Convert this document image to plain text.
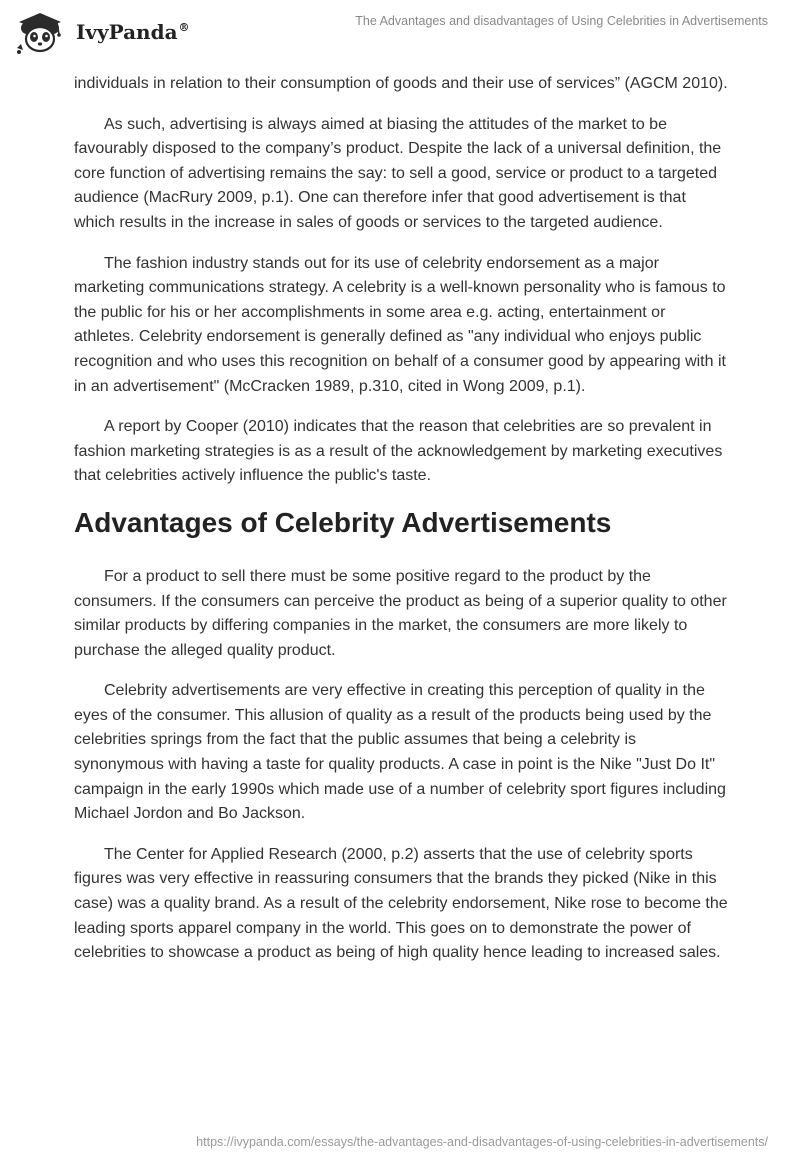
IvyPanda®	The Advantages and disadvantages of Using Celebrities in Advertisements

individuals in relation to their consumption of goods and their use of services” (AGCM 2010).

As such, advertising is always aimed at biasing the attitudes of the market to be favourably disposed to the company’s product. Despite the lack of a universal definition, the core function of advertising remains the say: to sell a good, service or product to a targeted audience (MacRury 2009, p.1). One can therefore infer that good advertisement is that which results in the increase in sales of goods or services to the targeted audience.

The fashion industry stands out for its use of celebrity endorsement as a major marketing communications strategy. A celebrity is a well-known personality who is famous to the public for his or her accomplishments in some area e.g. acting, entertainment or athletes. Celebrity endorsement is generally defined as "any individual who enjoys public recognition and who uses this recognition on behalf of a consumer good by appearing with it in an advertisement" (McCracken 1989, p.310, cited in Wong 2009, p.1).

A report by Cooper (2010) indicates that the reason that celebrities are so prevalent in fashion marketing strategies is as a result of the acknowledgement by marketing executives that celebrities actively influence the public's taste.

Advantages of Celebrity Advertisements

For a product to sell there must be some positive regard to the product by the consumers. If the consumers can perceive the product as being of a superior quality to other similar products by differing companies in the market, the consumers are more likely to purchase the alleged quality product.

Celebrity advertisements are very effective in creating this perception of quality in the eyes of the consumer. This allusion of quality as a result of the products being used by the celebrities springs from the fact that the public assumes that being a celebrity is synonymous with having a taste for quality products. A case in point is the Nike "Just Do It" campaign in the early 1990s which made use of a number of celebrity sport figures including Michael Jordon and Bo Jackson.

The Center for Applied Research (2000, p.2) asserts that the use of celebrity sports figures was very effective in reassuring consumers that the brands they picked (Nike in this case) was a quality brand. As a result of the celebrity endorsement, Nike rose to become the leading sports apparel company in the world. This goes on to demonstrate the power of celebrities to showcase a product as being of high quality hence leading to increased sales.

https://ivypanda.com/essays/the-advantages-and-disadvantages-of-using-celebrities-in-advertisements/
